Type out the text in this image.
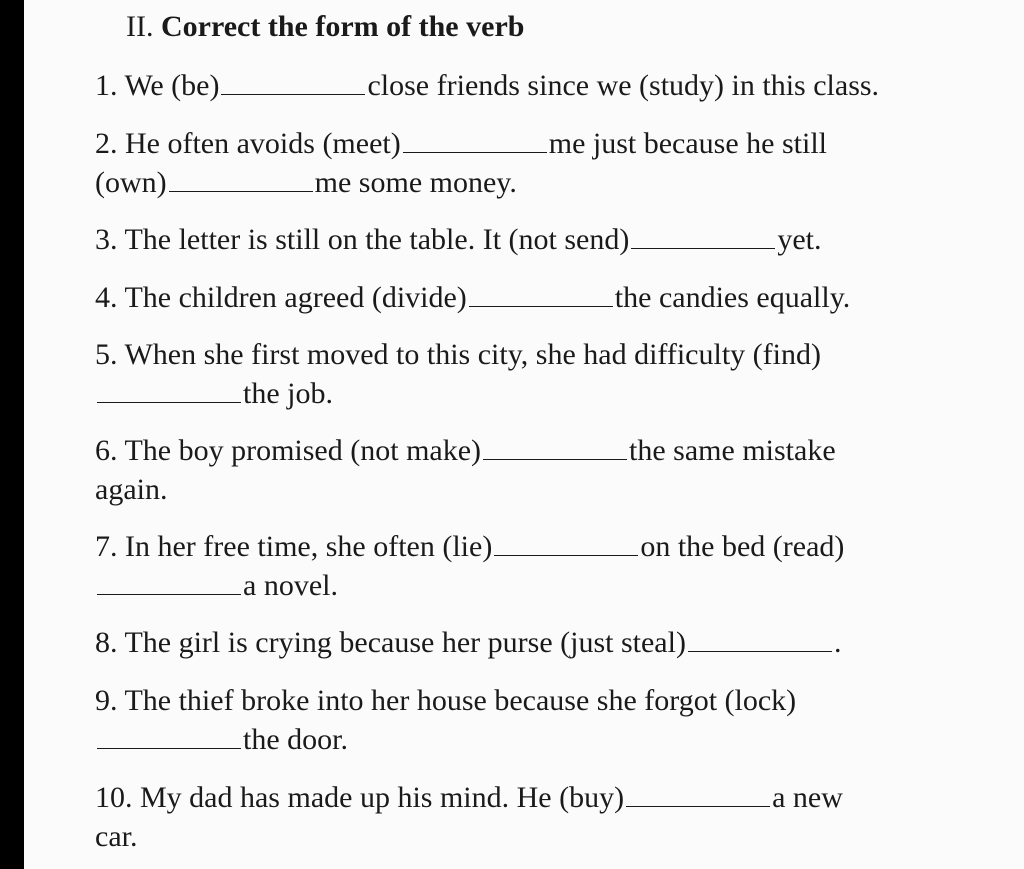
II. Correct the form of the verb
1. We (be)	close friends since we (study) in this class.
2. He often avoids (meet)	me just because he still
(own)	me some money.
3. The letter is still on the table. It (not send)	yet.
4. The children agreed (divide)	the candies equally.
5. When she first moved to this city, she had difficulty (find)
the job.
6. The boy promised (not make)	the same mistake
again.
7. In her free time, she often (lie)	on the bed (read)
a novel.
8. The girl is crying because her purse (just steal)	.
9. The thief broke into her house because she forgot (lock)
the door.
10. My dad has made up his mind. He (buy)	a new
car.
